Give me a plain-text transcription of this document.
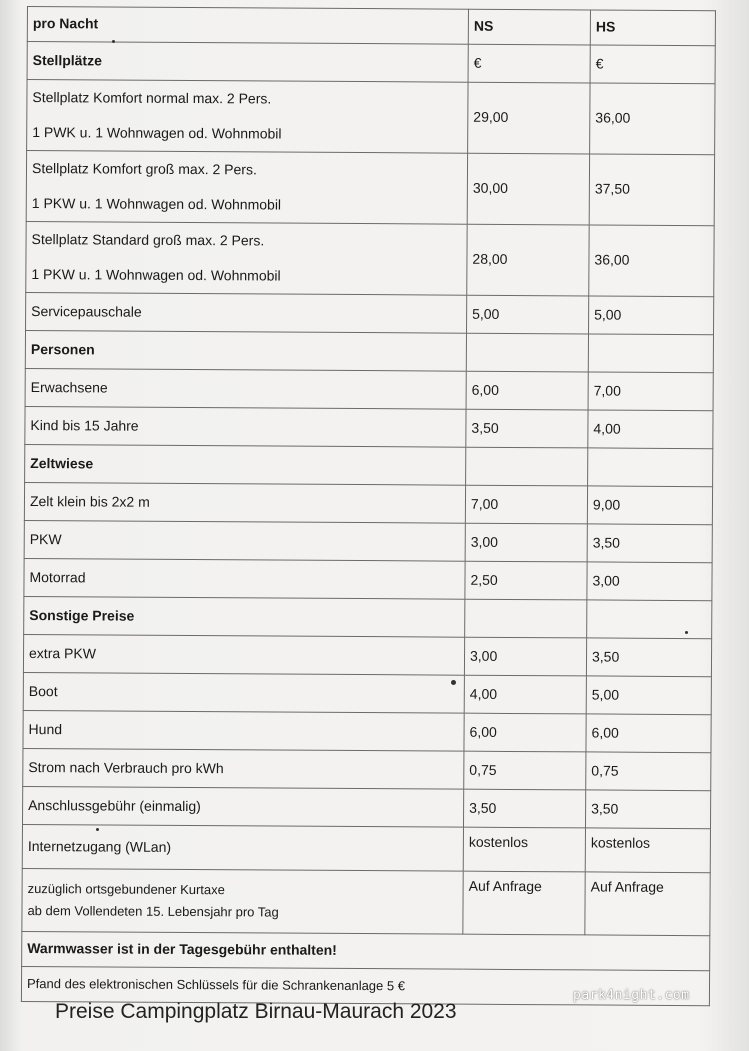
pro Nacht	NS	HS
Stellplätze	€	€

Stellplatz Komfort normal max. 2 Pers.
1 PWK u. 1 Wohnwagen od. Wohnmobil	29,00	36,00

Stellplatz Komfort groß max. 2 Pers.
1 PKW u. 1 Wohnwagen od. Wohnmobil	30,00	37,50

Stellplatz Standard groß max. 2 Pers.
1 PKW u. 1 Wohnwagen od. Wohnmobil	28,00	36,00
Servicepauschale	5,00	5,00
Personen		
Erwachsene	6,00	7,00
Kind bis 15 Jahre	3,50	4,00
Zeltwiese		
Zelt klein bis 2x2 m	7,00	9,00
PKW	3,00	3,50
Motorrad	2,50	3,00
Sonstige Preise		
extra PKW	3,00	3,50
Boot	4,00	5,00
Hund	6,00	6,00
Strom nach Verbrauch pro kWh	0,75	0,75
Anschlussgebühr (einmalig)	3,50	3,50
Internetzugang (WLan)	kostenlos	kostenlos

zuzüglich ortsgebundener Kurtaxe
ab dem Vollendeten 15. Lebensjahr pro Tag	Auf Anfrage	Auf Anfrage
Warmwasser ist in der Tagesgebühr enthalten!		
Pfand des elektronischen Schlüssels für die Schrankenanlage 5 €		
Preise Campingplatz Birnau-Maurach 2023
park4night.com
